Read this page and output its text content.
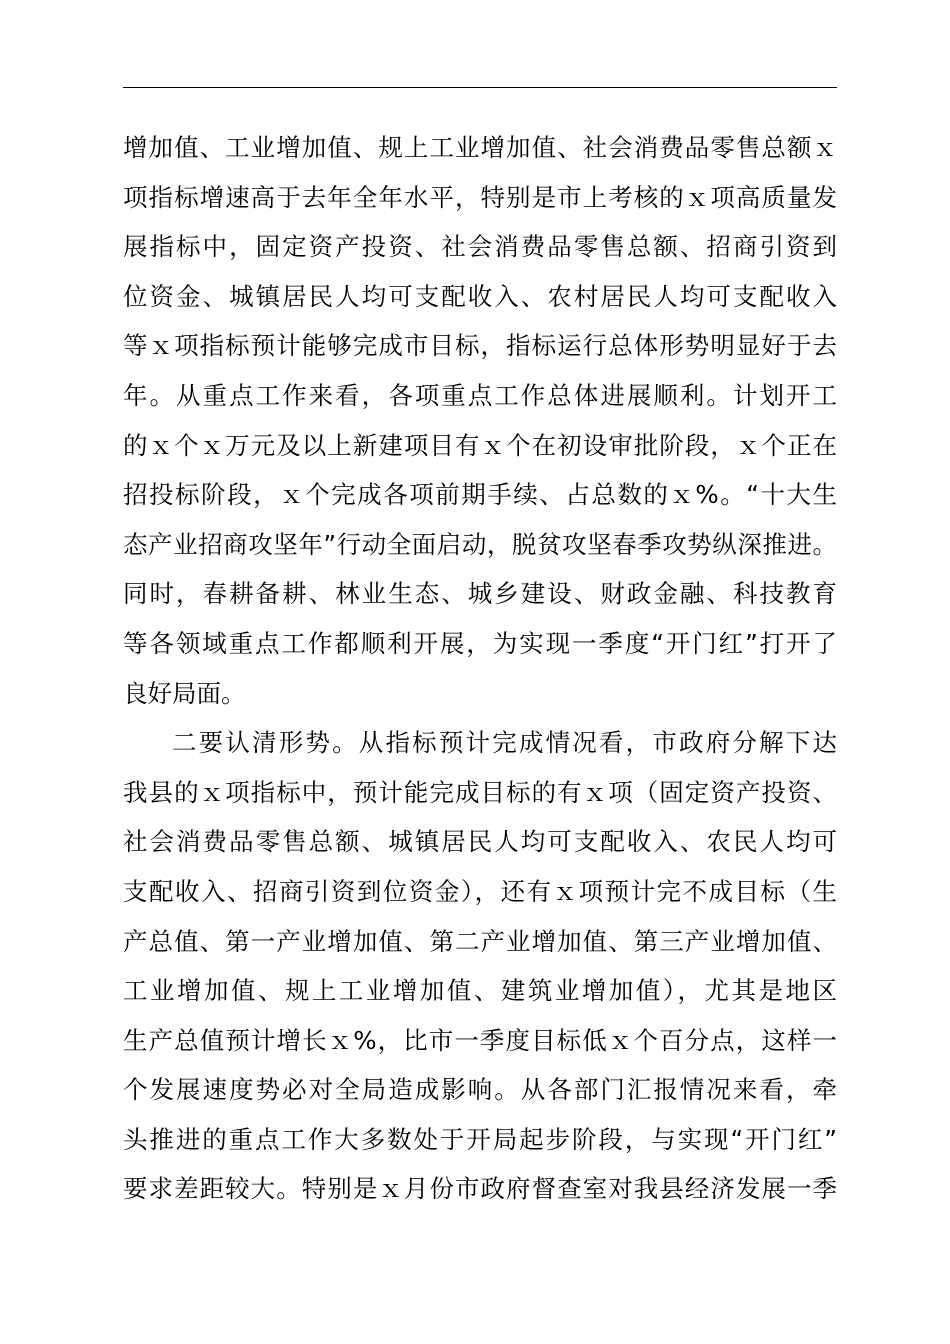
增加值、工业增加值、规上工业增加值、社会消费品零售总额ｘ
项指标增速高于去年全年水平，特别是市上考核的ｘ项高质量发
展指标中，固定资产投资、社会消费品零售总额、招商引资到
位资金、城镇居民人均可支配收入、农村居民人均可支配收入
等ｘ项指标预计能够完成市目标，指标运行总体形势明显好于去
年。从重点工作来看，各项重点工作总体进展顺利。计划开工
的ｘ个ｘ万元及以上新建项目有ｘ个在初设审批阶段，ｘ个正在
招投标阶段，ｘ个完成各项前期手续、占总数的ｘ%。“十大生
态产业招商攻坚年”行动全面启动，脱贫攻坚春季攻势纵深推进。
同时，春耕备耕、林业生态、城乡建设、财政金融、科技教育
等各领域重点工作都顺利开展，为实现一季度“开门红”打开了
良好局面。
二要认清形势。从指标预计完成情况看，市政府分解下达
我县的ｘ项指标中，预计能完成目标的有ｘ项（固定资产投资、
社会消费品零售总额、城镇居民人均可支配收入、农民人均可
支配收入、招商引资到位资金），还有ｘ项预计完不成目标（生
产总值、第一产业增加值、第二产业增加值、第三产业增加值、
工业增加值、规上工业增加值、建筑业增加值），尤其是地区
生产总值预计增长ｘ%，比市一季度目标低ｘ个百分点，这样一
个发展速度势必对全局造成影响。从各部门汇报情况来看，牵
头推进的重点工作大多数处于开局起步阶段，与实现“开门红”
要求差距较大。特别是ｘ月份市政府督查室对我县经济发展一季
